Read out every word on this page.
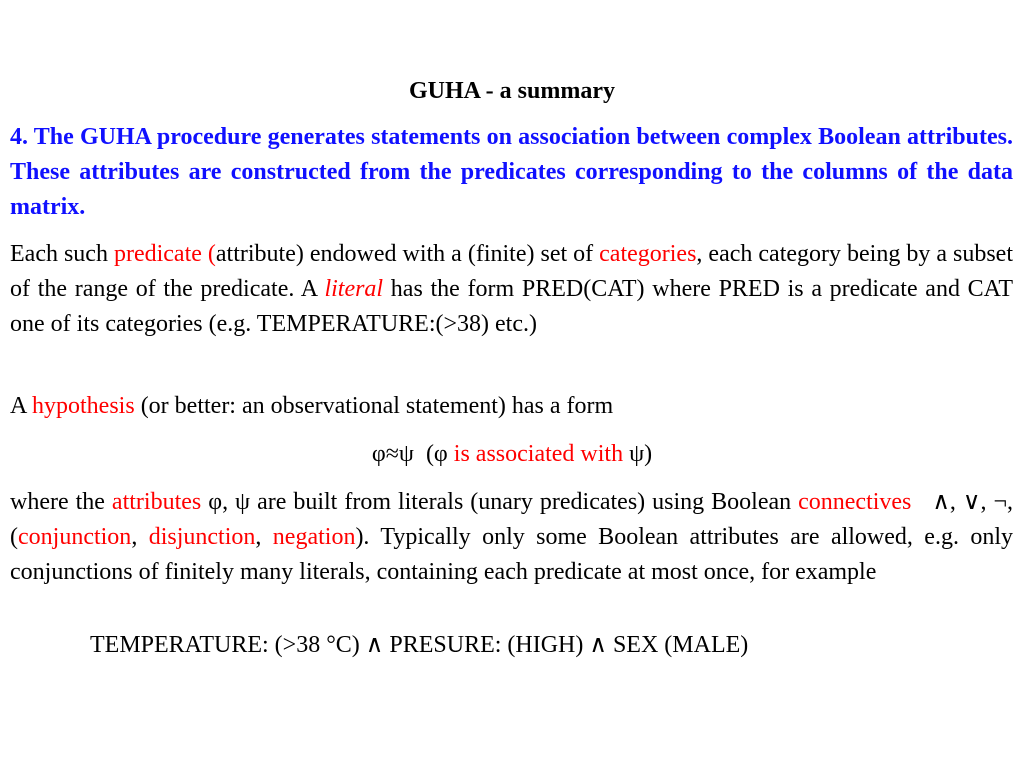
GUHA - a summary
4. The GUHA procedure generates statements on association between complex Boolean attributes. These attributes are constructed from the predicates corresponding to the columns of the data matrix.
Each such predicate (attribute) endowed with a (finite) set of categories, each category being by a subset of the range of the predicate. A literal has the form PRED(CAT) where PRED is a predicate and CAT one of its categories (e.g. TEMPERATURE:(>38) etc.)
A hypothesis (or better: an observational statement) has a form
φ≈ψ  (φ is associated with ψ)
where the attributes φ, ψ are built from literals (unary predicates) using Boolean connectives   ∧, ∨, ¬, (conjunction, disjunction, negation). Typically only some Boolean attributes are allowed, e.g. only conjunctions of finitely many literals, containing each predicate at most once, for example
TEMPERATURE: (>38 °C) ∧ PRESURE: (HIGH) ∧ SEX (MALE)
